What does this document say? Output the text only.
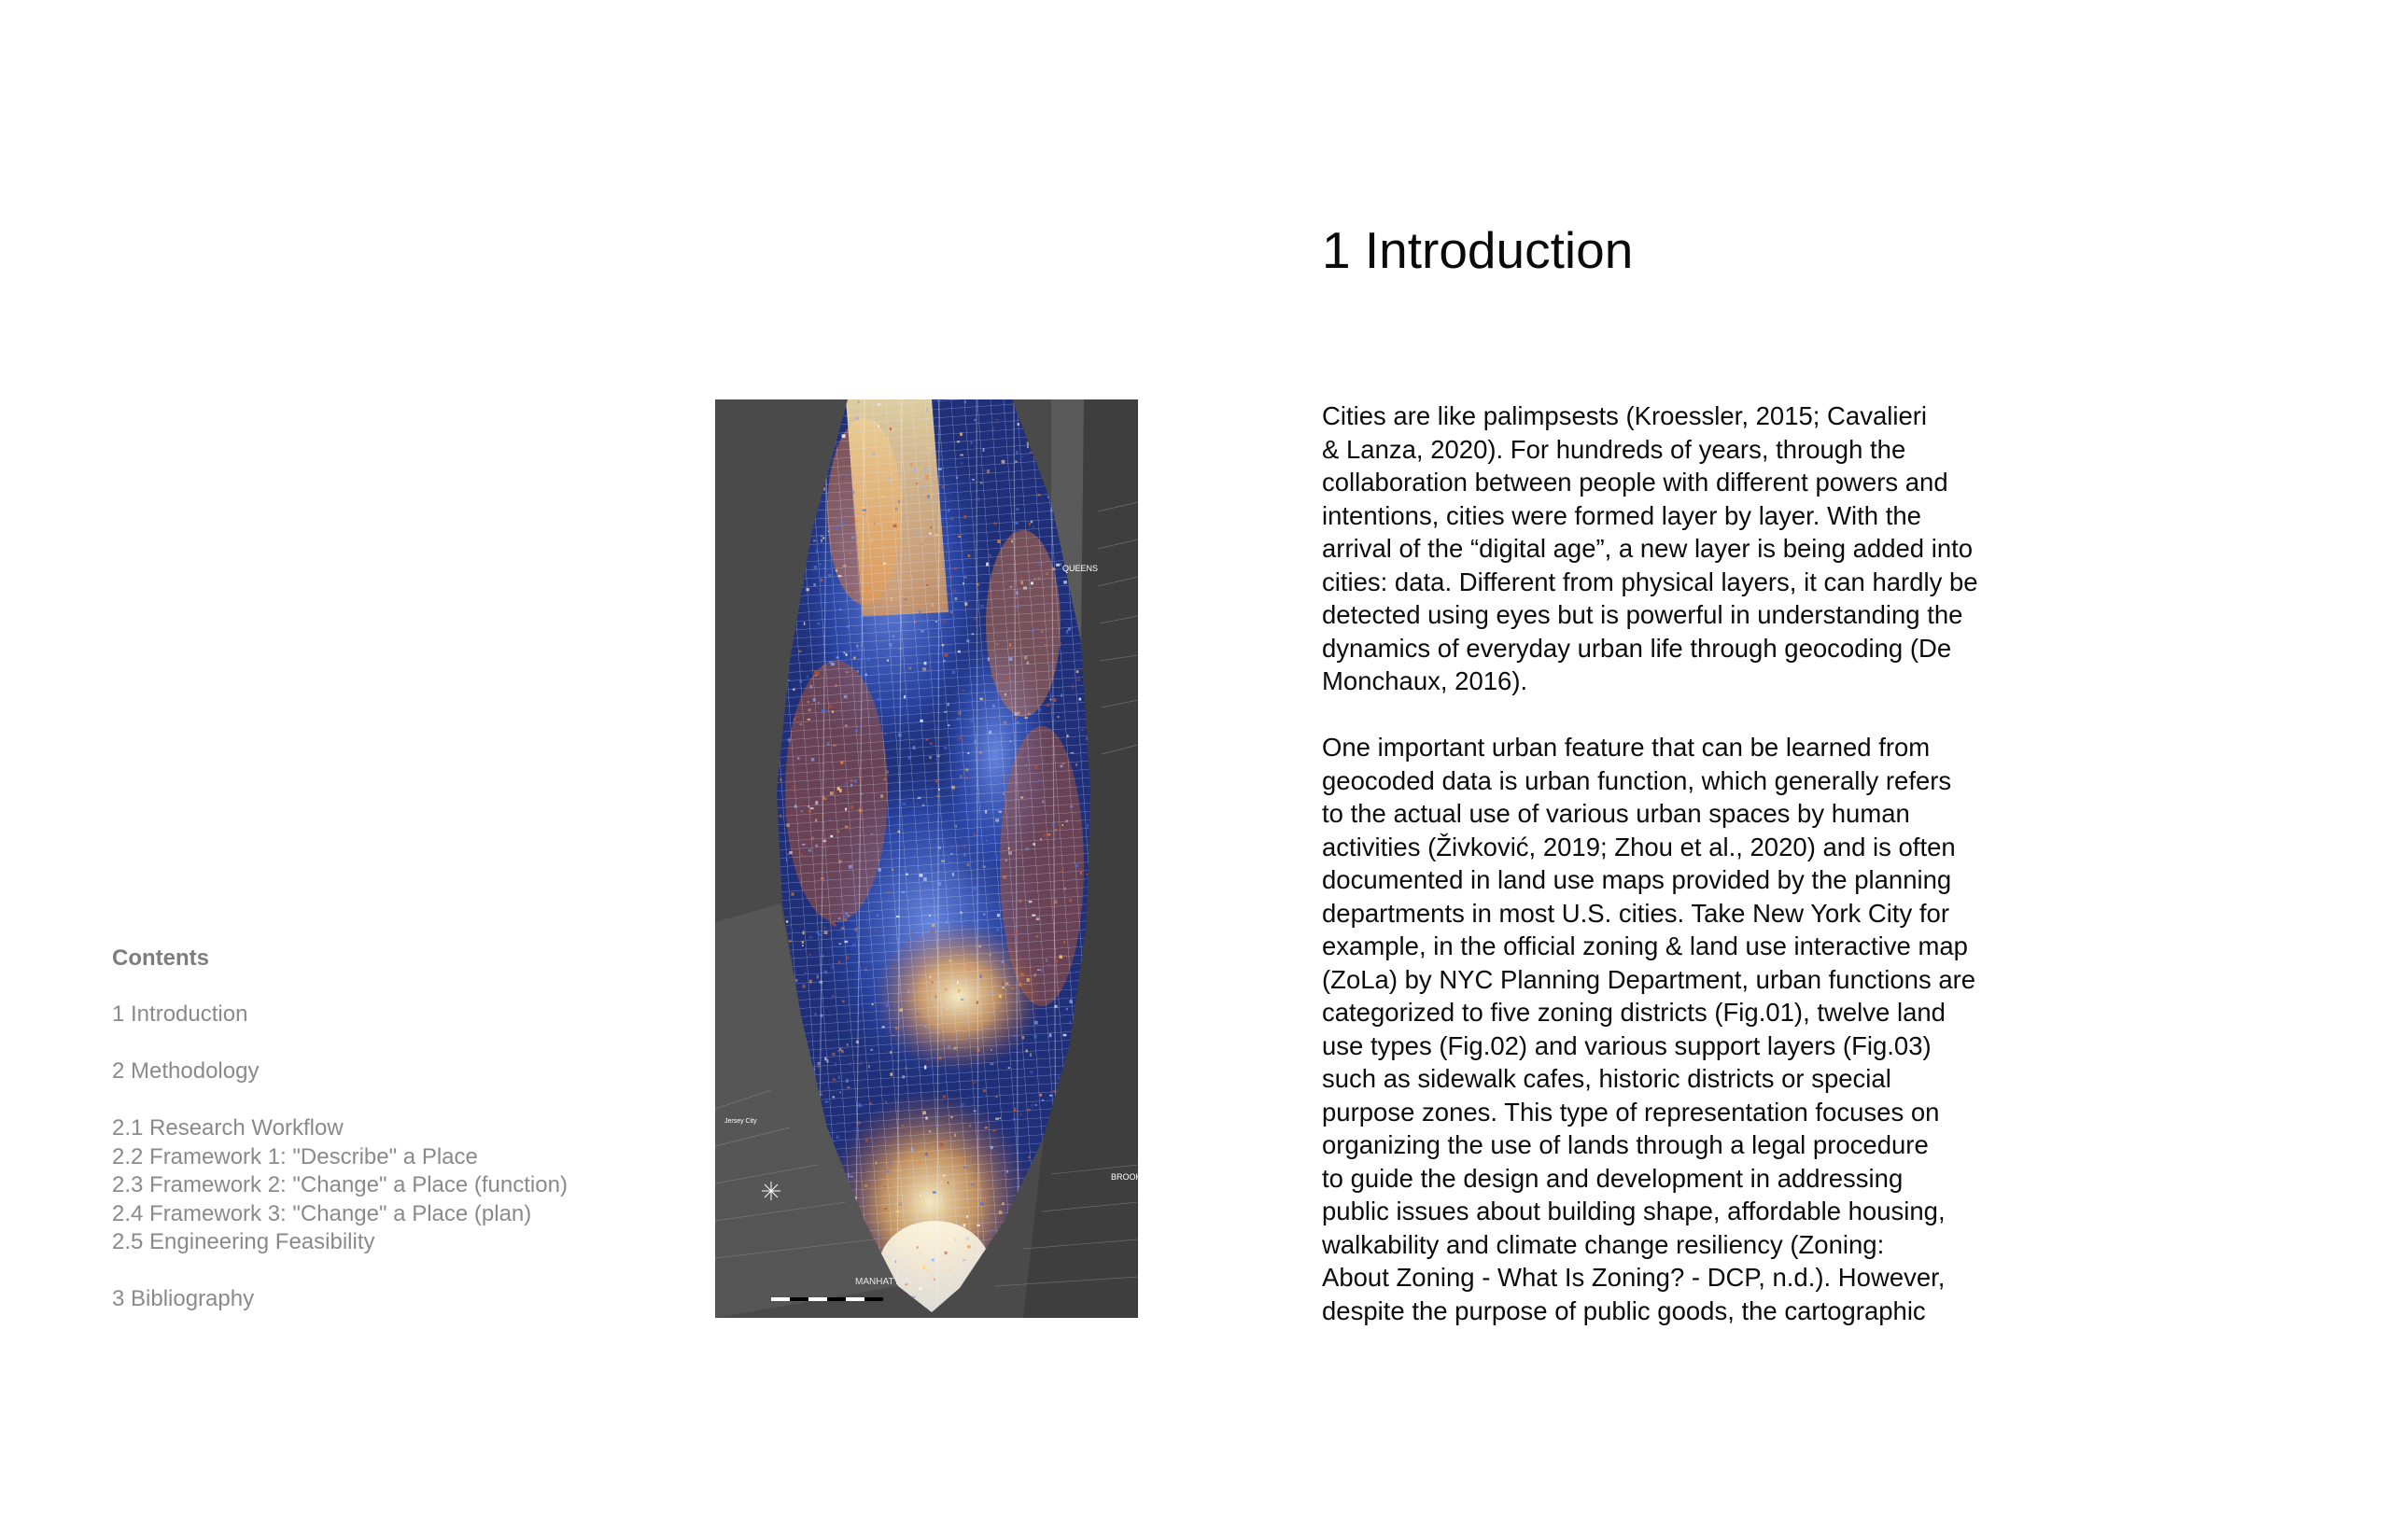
Contents
1 Introduction
2 Methodology
2.1 Research Workflow
2.2 Framework 1: "Describe" a Place
2.3 Framework 2: "Change" a Place (function)
2.4 Framework 3: "Change" a Place (plan)
2.5 Engineering Feasibility
3 Bibliography
QUEENS
MANHATTAN
BROOK
Jersey City
1 Introduction
Cities are like palimpsests (Kroessler, 2015; Cavalieri
& Lanza, 2020). For hundreds of years, through the
collaboration between people with different powers and
intentions, cities were formed layer by layer. With the
arrival of the “digital age”, a new layer is being added into
cities: data. Different from physical layers, it can hardly be
detected using eyes but is powerful in understanding the
dynamics of everyday urban life through geocoding (De
Monchaux, 2016).
One important urban feature that can be learned from
geocoded data is urban function, which generally refers
to the actual use of various urban spaces by human
activities (Živković, 2019; Zhou et al., 2020) and is often
documented in land use maps provided by the planning
departments in most U.S. cities. Take New York City for
example, in the official zoning & land use interactive map
(ZoLa) by NYC Planning Department, urban functions are
categorized to five zoning districts (Fig.01), twelve land
use types (Fig.02) and various support layers (Fig.03)
such as sidewalk cafes, historic districts or special
purpose zones. This type of representation focuses on
organizing the use of lands through a legal procedure
to guide the design and development in addressing
public issues about building shape, affordable housing,
walkability and climate change resiliency (Zoning:
About Zoning - What Is Zoning? - DCP, n.d.). However,
despite the purpose of public goods, the cartographic
